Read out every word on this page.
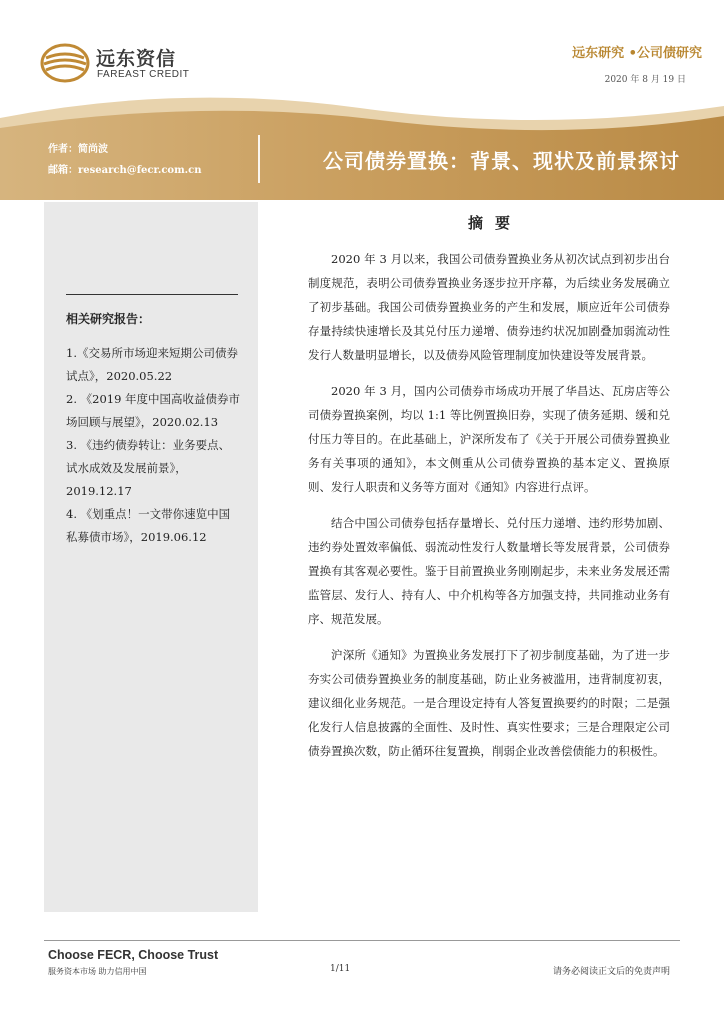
远东资信
FAREAST CREDIT
远东研究 •公司债研究
2020 年 8 月 19 日
作者：简尚波
邮箱：research@fecr.com.cn	公司债券置换：背景、现状及前景探讨
相关研究报告：
1.《交易所市场迎来短期公司债券试点》，2020.05.22
2. 《2019 年度中国高收益债券市场回顾与展望》，2020.02.13
3. 《违约债券转让：业务要点、试水成效及发展前景》，2019.12.17
4. 《划重点！一文带你速览中国私募债市场》，2019.06.12
摘要

2020 年 3 月以来，我国公司债券置换业务从初次试点到初步出台制度规范，表明公司债券置换业务逐步拉开序幕，为后续业务发展确立了初步基础。我国公司债券置换业务的产生和发展，顺应近年公司债券存量持续快速增长及其兑付压力递增、债券违约状况加剧叠加弱流动性发行人数量明显增长，以及债券风险管理制度加快建设等发展背景。

2020 年 3 月，国内公司债券市场成功开展了华昌达、瓦房店等公司债券置换案例，均以 1:1 等比例置换旧券，实现了债务延期、缓和兑付压力等目的。在此基础上，沪深所发布了《关于开展公司债券置换业务有关事项的通知》，本文侧重从公司债券置换的基本定义、置换原则、发行人职责和义务等方面对《通知》内容进行点评。

结合中国公司债券包括存量增长、兑付压力递增、违约形势加剧、违约券处置效率偏低、弱流动性发行人数量增长等发展背景，公司债券置换有其客观必要性。鉴于目前置换业务刚刚起步，未来业务发展还需监管层、发行人、持有人、中介机构等各方加强支持，共同推动业务有序、规范发展。

沪深所《通知》为置换业务发展打下了初步制度基础，为了进一步夯实公司债券置换业务的制度基础，防止业务被滥用，违背制度初衷，建议细化业务规范。一是合理设定持有人答复置换要约的时限；二是强化发行人信息披露的全面性、及时性、真实性要求；三是合理限定公司债券置换次数，防止循环往复置换，削弱企业改善偿债能力的积极性。

Choose FECR, Choose Trust
服务资本市场 助力信用中国	1/11	请务必阅读正文后的免责声明
